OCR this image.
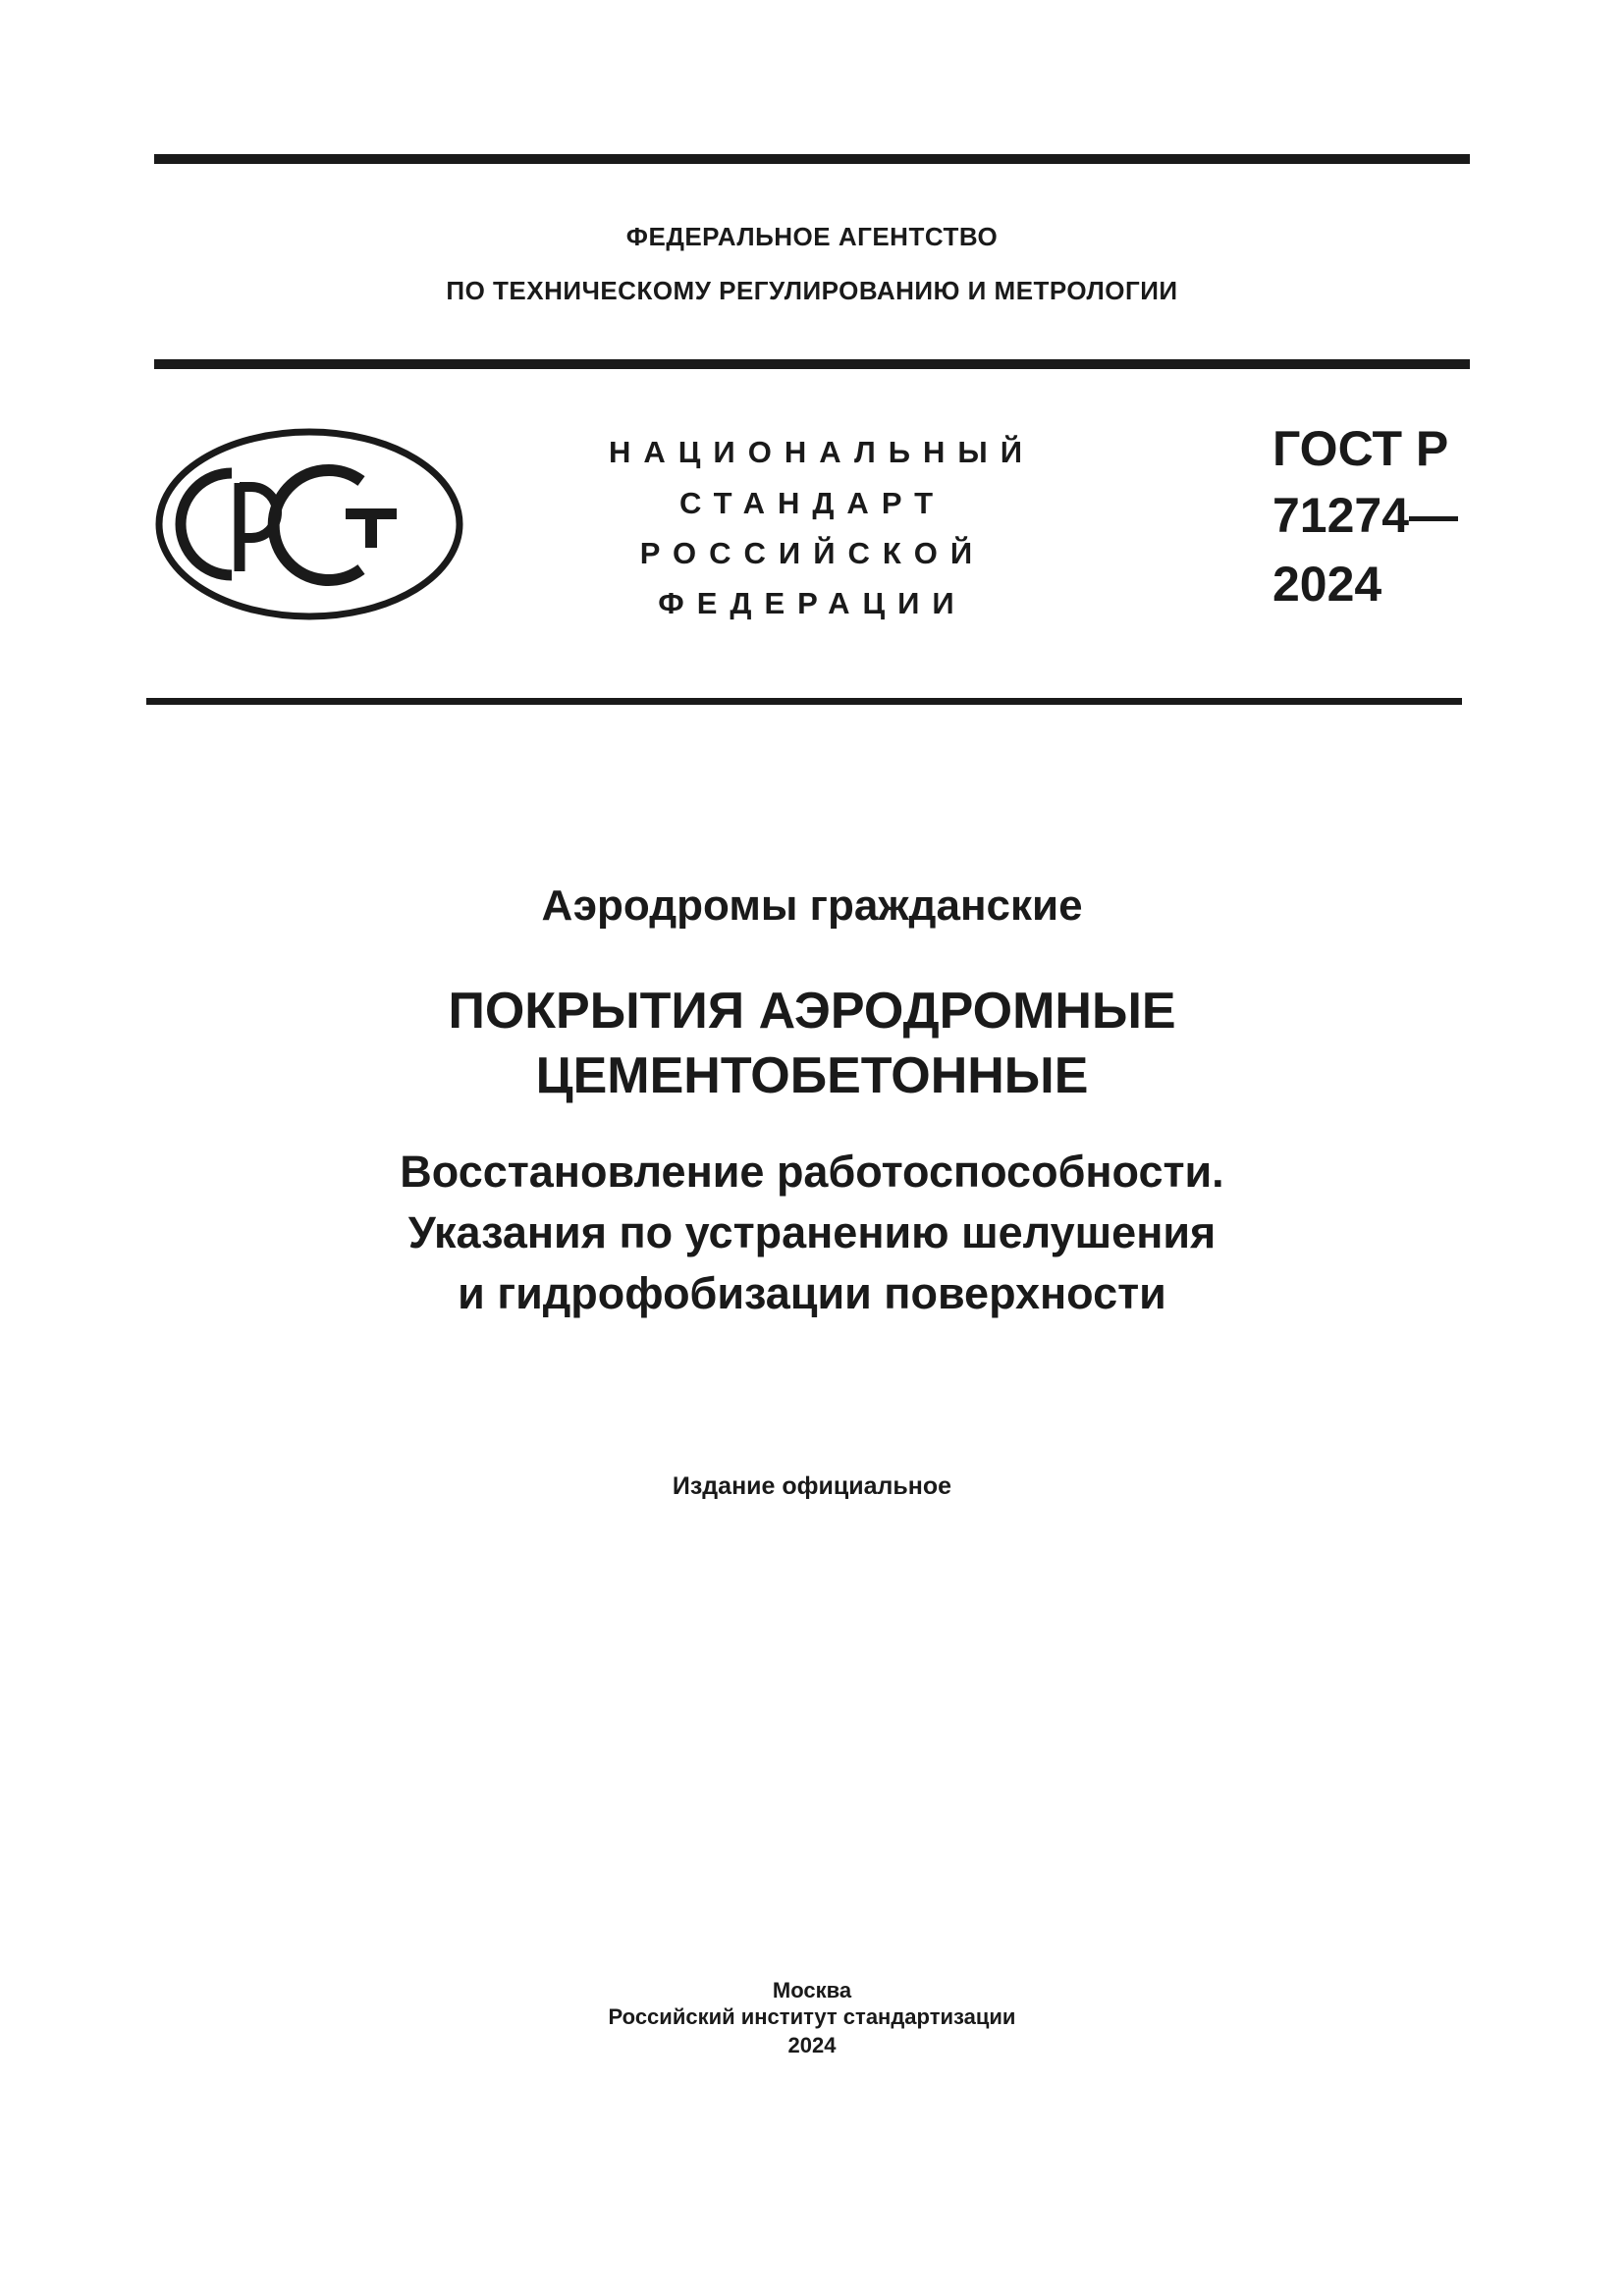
ФЕДЕРАЛЬНОЕ АГЕНТСТВО
ПО ТЕХНИЧЕСКОМУ РЕГУЛИРОВАНИЮ И МЕТРОЛОГИИ
НАЦИОНАЛЬНЫЙ
СТАНДАРТ
РОССИЙСКОЙ
ФЕДЕРАЦИИ
ГОСТ Р
71274—
2024
Аэродромы гражданские
ПОКРЫТИЯ АЭРОДРОМНЫЕ
ЦЕМЕНТОБЕТОННЫЕ
Восстановление работоспособности.
Указания по устранению шелушения
и гидрофобизации поверхности
Издание официальное
Москва
Российский институт стандартизации
2024
